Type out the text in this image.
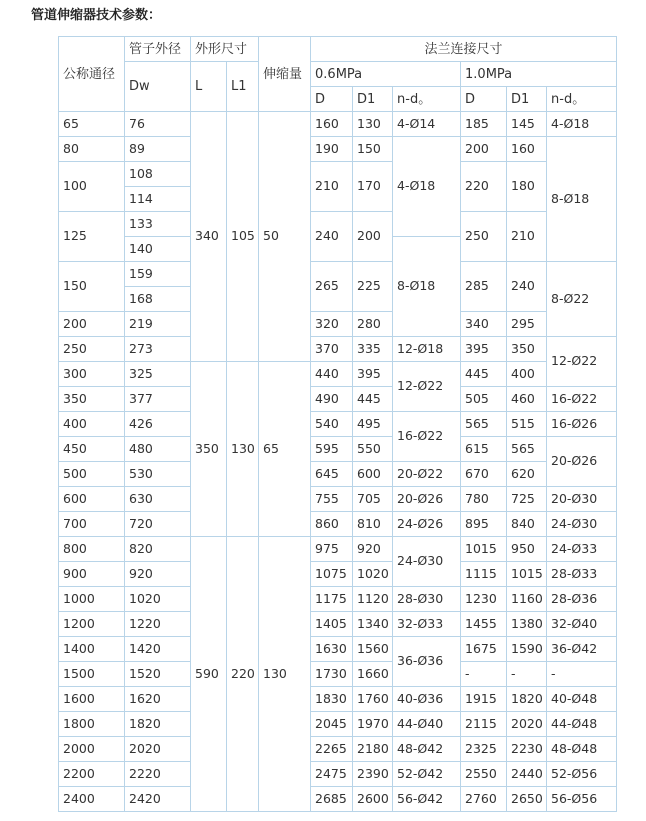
管道伸缩器技术参数：
公称通径	管子外径	外形尺寸		伸缩量	法兰连接尺寸					
	Dw	L	L1		0.6MPa			1.0MPa		
					D	D1	n-d。	D	D1	n-d。
65	76	340	105	50	160	130	4-Ø14	185	145	4-Ø18
80	89				190	150	4-Ø18	200	160	8-Ø18
100	108				210	170		220	180	
	114									
125	133				240	200		250	210	
	140						8-Ø18			
150	159				265	225		285	240	8-Ø22
	168									
200	219				320	280		340	295	
250	273				370	335	12-Ø18	395	350	12-Ø22
300	325	350	130	65	440	395	12-Ø22	445	400	
350	377				490	445		505	460	16-Ø22
400	426				540	495	16-Ø22	565	515	16-Ø26
450	480				595	550		615	565	20-Ø26
500	530				645	600	20-Ø22	670	620	
600	630				755	705	20-Ø26	780	725	20-Ø30
700	720				860	810	24-Ø26	895	840	24-Ø30
800	820	590	220	130	975	920	24-Ø30	1015	950	24-Ø33
900	920				1075	1020		1115	1015	28-Ø33
1000	1020				1175	1120	28-Ø30	1230	1160	28-Ø36
1200	1220				1405	1340	32-Ø33	1455	1380	32-Ø40
1400	1420				1630	1560	36-Ø36	1675	1590	36-Ø42
1500	1520				1730	1660		-	-	-
1600	1620				1830	1760	40-Ø36	1915	1820	40-Ø48
1800	1820				2045	1970	44-Ø40	2115	2020	44-Ø48
2000	2020				2265	2180	48-Ø42	2325	2230	48-Ø48
2200	2220				2475	2390	52-Ø42	2550	2440	52-Ø56
2400	2420				2685	2600	56-Ø42	2760	2650	56-Ø56
